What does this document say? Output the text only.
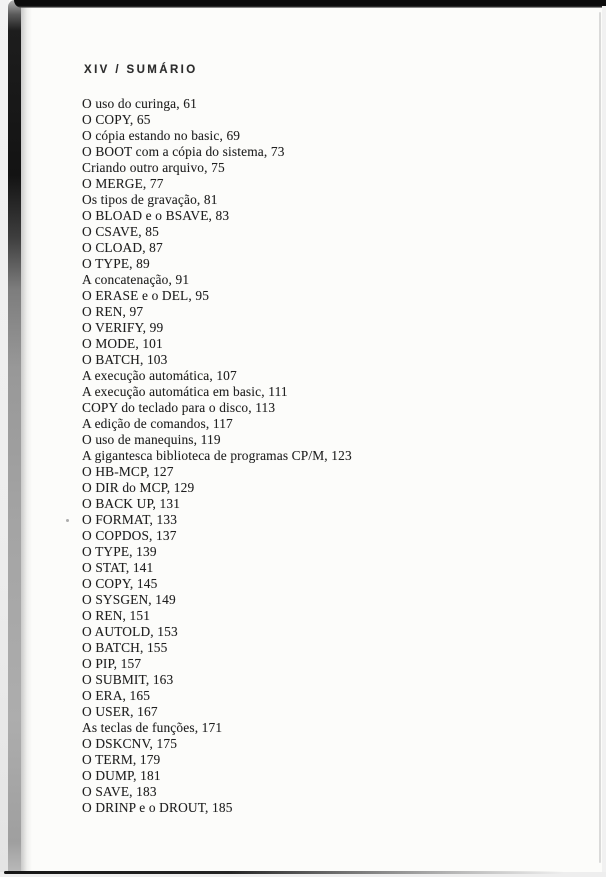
XIV / SUMÁRIO
O uso do curinga, 61
O COPY, 65
O cópia estando no basic, 69
O BOOT com a cópia do sistema, 73
Criando outro arquivo, 75
O MERGE, 77
Os tipos de gravação, 81
O BLOAD e o BSAVE, 83
O CSAVE, 85
O CLOAD, 87
O TYPE, 89
A concatenação, 91
O ERASE e o DEL, 95
O REN, 97
O VERIFY, 99
O MODE, 101
O BATCH, 103
A execução automática, 107
A execução automática em basic, 111
COPY do teclado para o disco, 113
A edição de comandos, 117
O uso de manequins, 119
A gigantesca biblioteca de programas CP/M, 123
O HB-MCP, 127
O DIR do MCP, 129
O BACK UP, 131
O FORMAT, 133
O COPDOS, 137
O TYPE, 139
O STAT, 141
O COPY, 145
O SYSGEN, 149
O REN, 151
O AUTOLD, 153
O BATCH, 155
O PIP, 157
O SUBMIT, 163
O ERA, 165
O USER, 167
As teclas de funções, 171
O DSKCNV, 175
O TERM, 179
O DUMP, 181
O SAVE, 183
O DRINP e o DROUT, 185
